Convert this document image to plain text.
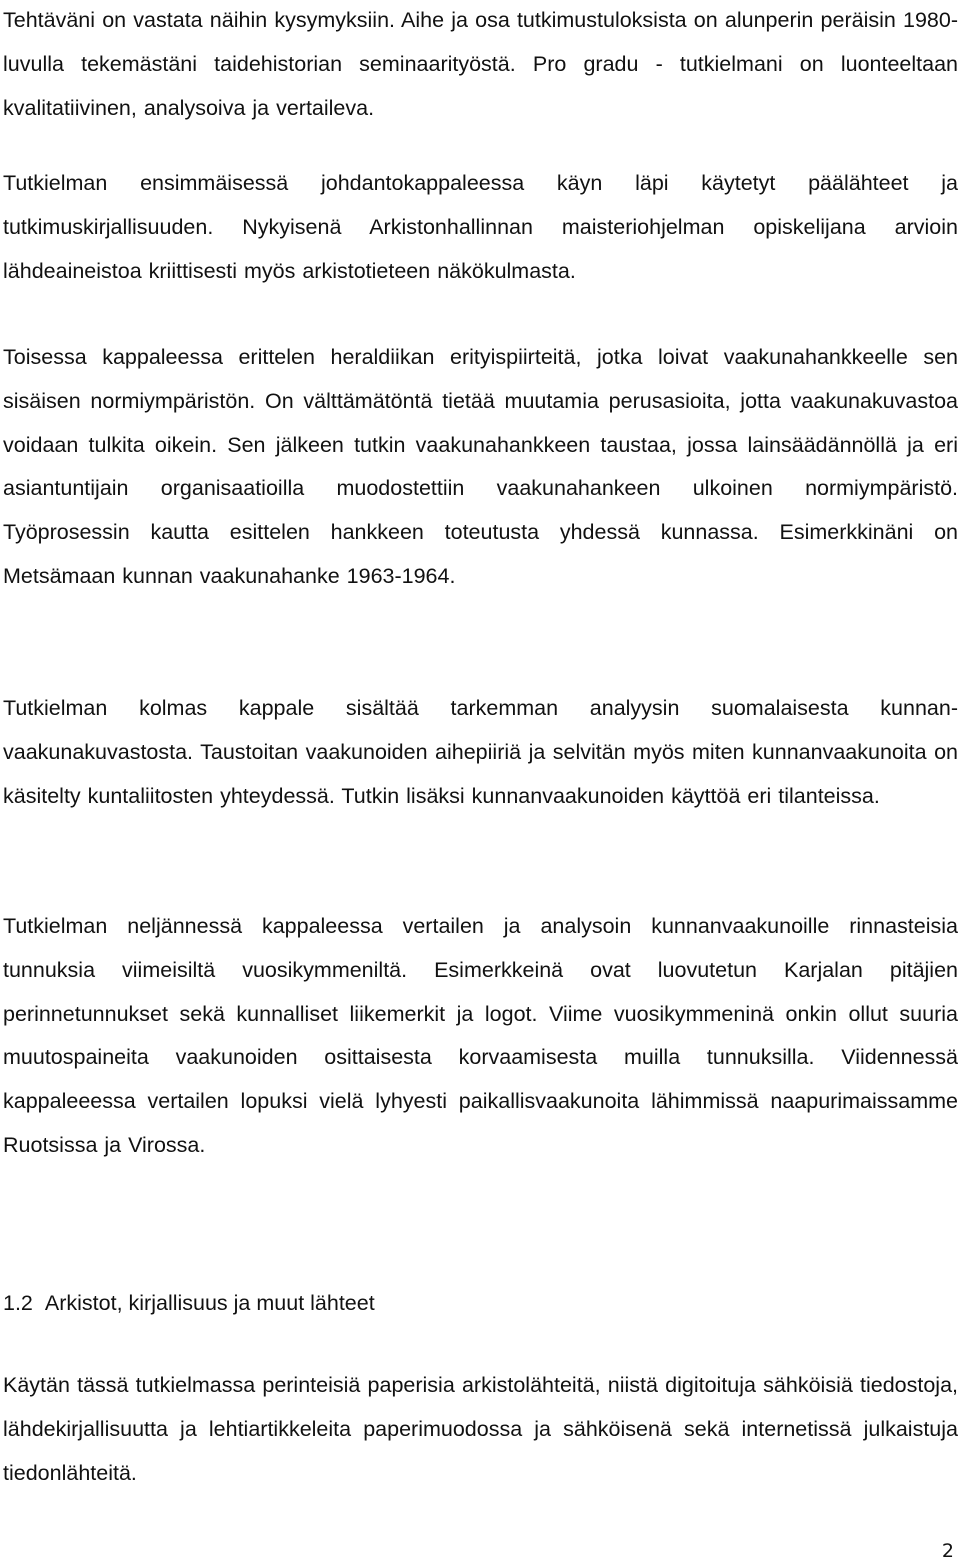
Tehtäväni on vastata näihin kysymyksiin. Aihe ja osa tutkimustuloksista on alunperin peräisin 1980-luvulla tekemästäni taidehistorian seminaarityöstä. Pro gradu - tutkielmani on luonteeltaan kvalitatiivinen, analysoiva ja vertaileva.

Tutkielman ensimmäisessä johdantokappaleessa käyn läpi käytetyt päälähteet ja tutkimuskirjallisuuden. Nykyisenä Arkistonhallinnan maisteriohjelman opiskelijana arvioin lähdeaineistoa kriittisesti myös arkistotieteen näkökulmasta.

Toisessa kappaleessa erittelen heraldiikan erityispiirteitä, jotka loivat vaakunahankkeelle sen sisäisen normiympäristön. On välttämätöntä tietää muutamia perusasioita, jotta vaakunakuvastoa voidaan tulkita oikein. Sen jälkeen tutkin vaakunahankkeen taustaa, jossa lainsäädännöllä ja eri asiantuntijain organisaatioilla muodostettiin vaakunahankeen ulkoinen normiympäristö. Työprosessin kautta esittelen hankkeen toteutusta yhdessä kunnassa. Esimerkkinäni on Metsämaan kunnan vaakunahanke 1963-1964.

Tutkielman kolmas kappale sisältää tarkemman analyysin suomalaisesta kunnanvaakunakuvastosta. Taustoitan vaakunoiden aihepiiriä ja selvitän myös miten kunnanvaakunoita on käsitelty kuntaliitosten yhteydessä. Tutkin lisäksi kunnanvaakunoiden käyttöä eri tilanteissa.

Tutkielman neljännessä kappaleessa vertailen ja analysoin kunnanvaakunoille rinnasteisia tunnuksia viimeisiltä vuosikymmeniltä. Esimerkkeinä ovat luovutetun Karjalan pitäjien perinnetunnukset sekä kunnalliset liikemerkit ja logot. Viime vuosikymmeninä onkin ollut suuria muutospaineita vaakunoiden osittaisesta korvaamisesta muilla tunnuksilla. Viidennessä kappaleeessa vertailen lopuksi vielä lyhyesti paikallisvaakunoita lähimmissä naapurimaissamme Ruotsissa ja Virossa.

1.2 Arkistot, kirjallisuus ja muut lähteet

Käytän tässä tutkielmassa perinteisiä paperisia arkistolähteitä, niistä digitoituja sähköisiä tiedostoja, lähdekirjallisuutta ja lehtiartikkeleita paperimuodossa ja sähköisenä sekä internetissä julkaistuja tiedonlähteitä.

2
